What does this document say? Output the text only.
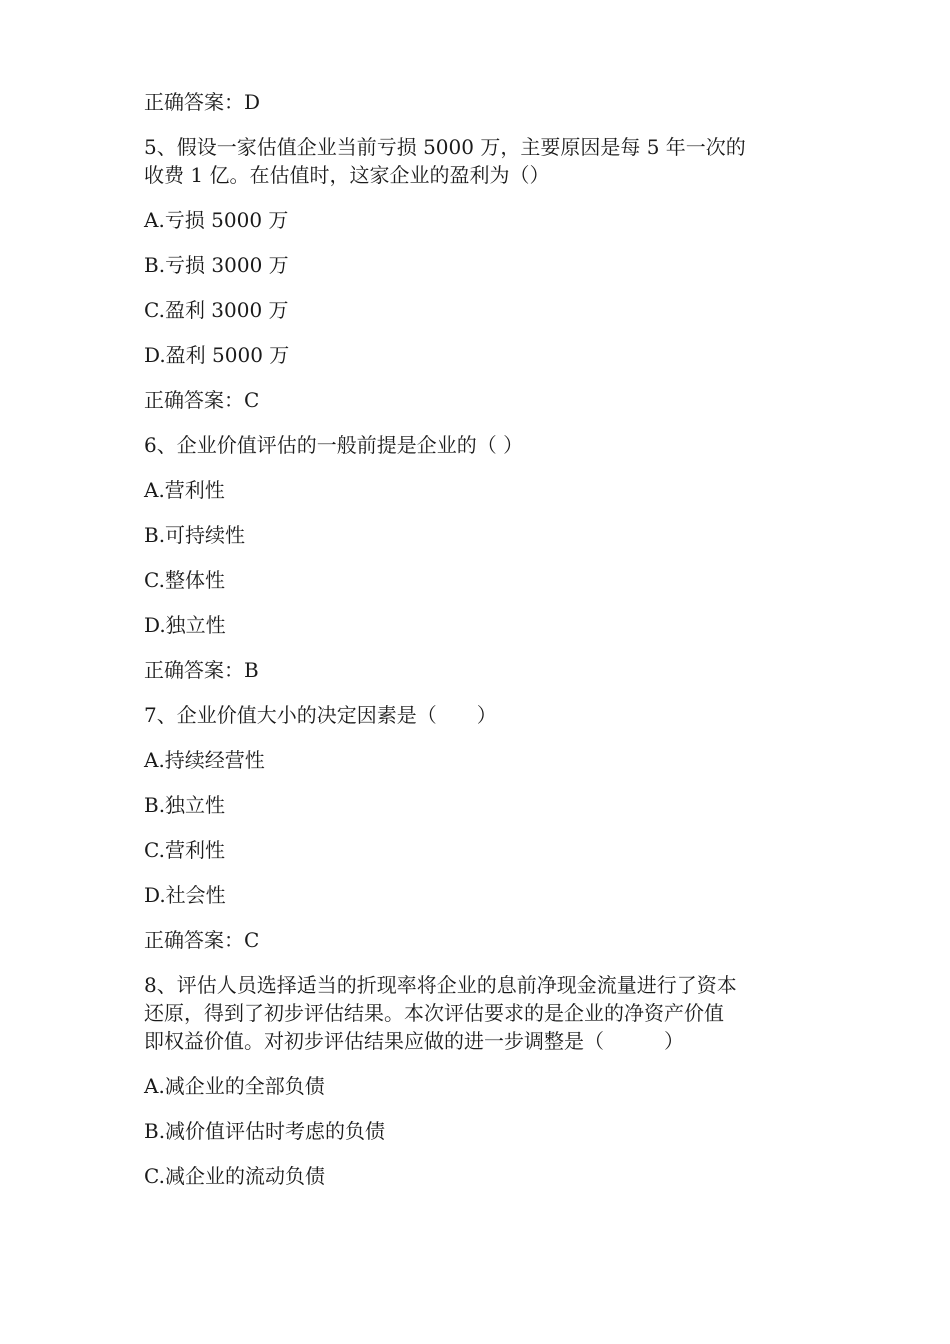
正确答案：D
5、假设一家估值企业当前亏损 5000 万，主要原因是每 5 年一次的
收费 1 亿。在估值时，这家企业的盈利为（）
A.亏损 5000 万
B.亏损 3000 万
C.盈利 3000 万
D.盈利 5000 万
正确答案：C
6、企业价值评估的一般前提是企业的（ ）
A.营利性
B.可持续性
C.整体性
D.独立性
正确答案：B
7、企业价值大小的决定因素是（　　）
A.持续经营性
B.独立性
C.营利性
D.社会性
正确答案：C
8、评估人员选择适当的折现率将企业的息前净现金流量进行了资本
还原，得到了初步评估结果。本次评估要求的是企业的净资产价值
即权益价值。对初步评估结果应做的进一步调整是（　　　）
A.减企业的全部负债
B.减价值评估时考虑的负债
C.减企业的流动负债
